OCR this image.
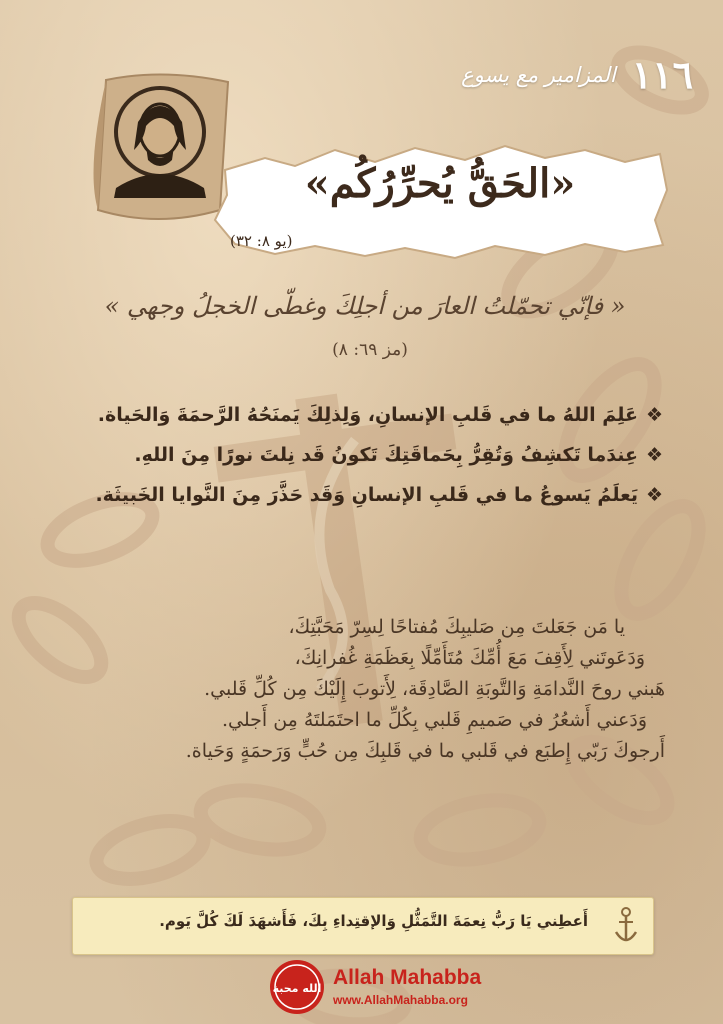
١١٦
المزامير مع يسوع
«الحَقُّ يُحرِّرُكُم»
(يو ٨: ٣٢)
« فإنّي تحمّلتُ العارَ من أجلِكَ وغطّى الخجلُ وجهي »
(مز ٦٩: ٨)
❖عَلِمَ اللهُ ما في قَلبِ الإنسانِ، وَلِذلِكَ يَمنَحُهُ الرَّحمَةَ وَالحَياة.
❖عِندَما تَكشِفُ وَتُقِرُّ بِحَماقَتِكَ تَكونُ قَد نِلتَ نورًا مِنَ اللهِ.
❖يَعلَمُ يَسوعُ ما في قَلبِ الإنسانِ وَقَد حَذَّرَ مِنَ النَّوايا الخَبيثَة.
يا مَن جَعَلتَ مِن صَليبِكَ مُفتاحًا لِسِرّ مَحَبَّتِكَ،
وَدَعَوتَني لِأَقِفَ مَعَ أُمِّكَ مُتَأَمِّلًا بِعَظَمَةِ غُفرانِكَ،
هَبني روحَ النَّدامَةِ وَالتَّوبَةِ الصَّادِقَة، لِأَتوبَ إِلَيْكَ مِن كُلِّ قَلبي.
وَدَعني أَشعُرُ في صَميمِ قَلبي بِكُلِّ ما احتَمَلتَهُ مِن أَجلي.
أَرجوكَ رَبّي إِطبَع في قَلبي ما في قَلبِكَ مِن حُبٍّ وَرَحمَةٍ وَحَياة.
أَعطِني يَا رَبُّ نِعمَةَ التَّمَثُّلِ وَالإقتِداءِ بِكَ، فَأَشهَدَ لَكَ كُلَّ يَوم.
الله محبة Allah Mahabba
www.AllahMahabba.org
